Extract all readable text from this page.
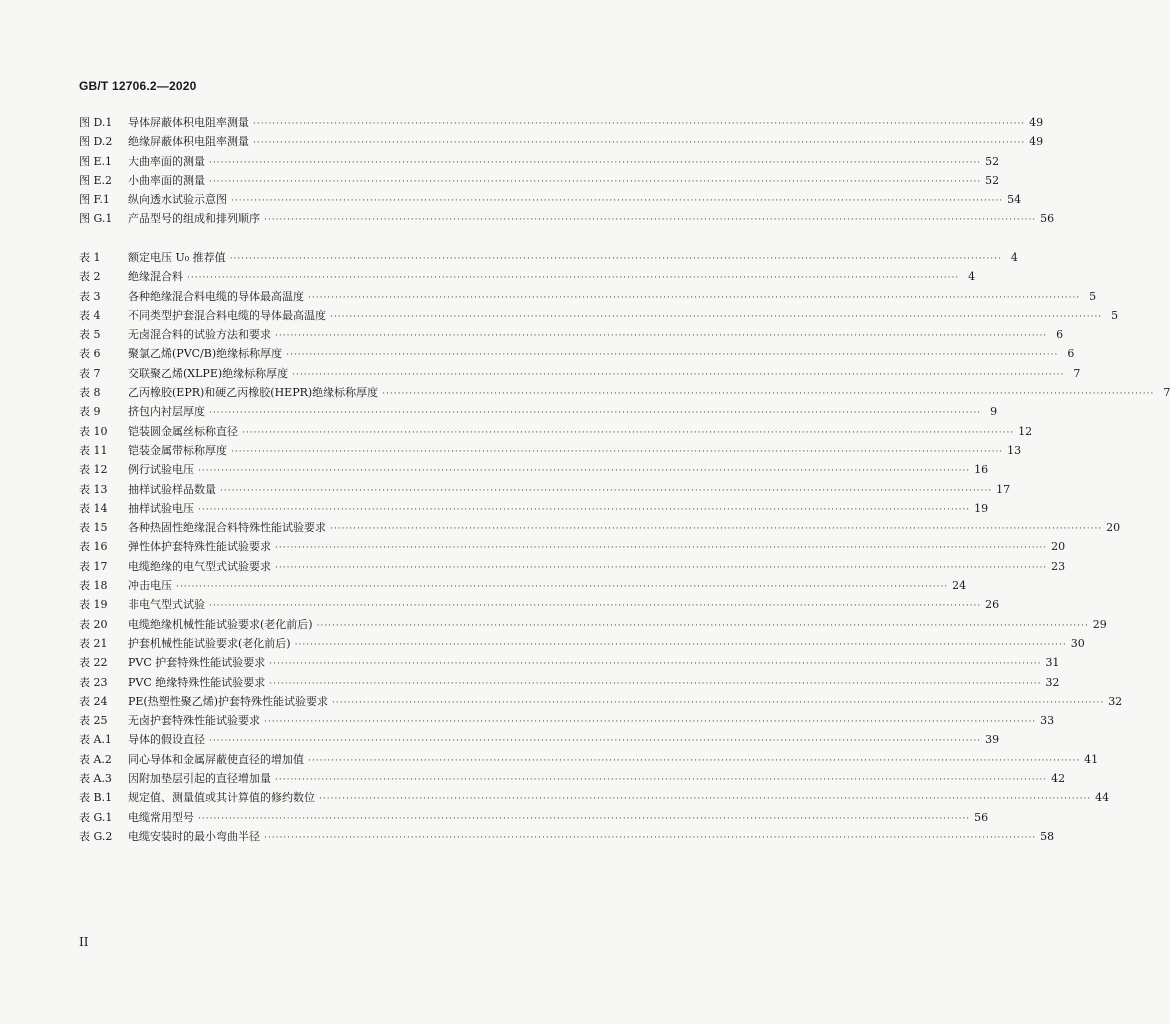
GB/T 12706.2—2020
图 D.1	导体屏蔽体积电阻率测量 ········································································································································································································ 49
图 D.2	绝缘屏蔽体积电阻率测量 ········································································································································································································ 49
图 E.1	大曲率面的测量 ········································································································································································································ 52
图 E.2	小曲率面的测量 ········································································································································································································ 52
图 F.1	纵向透水试验示意图 ········································································································································································································ 54
图 G.1	产品型号的组成和排列顺序 ········································································································································································································ 56
表 1	额定电压 U₀ 推荐值 ········································································································································································································ 4
表 2	绝缘混合料 ········································································································································································································ 4
表 3	各种绝缘混合料电缆的导体最高温度 ········································································································································································································ 5
表 4	不同类型护套混合料电缆的导体最高温度 ········································································································································································································ 5
表 5	无卤混合料的试验方法和要求 ········································································································································································································ 6
表 6	聚氯乙烯(PVC/B)绝缘标称厚度 ········································································································································································································ 6
表 7	交联聚乙烯(XLPE)绝缘标称厚度 ········································································································································································································ 7
表 8	乙丙橡胶(EPR)和硬乙丙橡胶(HEPR)绝缘标称厚度 ········································································································································································································ 7
表 9	挤包内衬层厚度 ········································································································································································································ 9
表 10	铠装圆金属丝标称直径 ········································································································································································································ 12
表 11	铠装金属带标称厚度 ········································································································································································································ 13
表 12	例行试验电压 ········································································································································································································ 16
表 13	抽样试验样品数量 ········································································································································································································ 17
表 14	抽样试验电压 ········································································································································································································ 19
表 15	各种热固性绝缘混合料特殊性能试验要求 ········································································································································································································ 20
表 16	弹性体护套特殊性能试验要求 ········································································································································································································ 20
表 17	电缆绝缘的电气型式试验要求 ········································································································································································································ 23
表 18	冲击电压 ········································································································································································································ 24
表 19	非电气型式试验 ········································································································································································································ 26
表 20	电缆绝缘机械性能试验要求(老化前后) ········································································································································································································ 29
表 21	护套机械性能试验要求(老化前后) ········································································································································································································ 30
表 22	PVC 护套特殊性能试验要求 ········································································································································································································ 31
表 23	PVC 绝缘特殊性能试验要求 ········································································································································································································ 32
表 24	PE(热塑性聚乙烯)护套特殊性能试验要求 ········································································································································································································ 32
表 25	无卤护套特殊性能试验要求 ········································································································································································································ 33
表 A.1	导体的假设直径 ········································································································································································································ 39
表 A.2	同心导体和金属屏蔽使直径的增加值 ········································································································································································································ 41
表 A.3	因附加垫层引起的直径增加量 ········································································································································································································ 42
表 B.1	规定值、测量值或其计算值的修约数位 ········································································································································································································ 44
表 G.1	电缆常用型号 ········································································································································································································ 56
表 G.2	电缆安装时的最小弯曲半径 ········································································································································································································ 58
II
